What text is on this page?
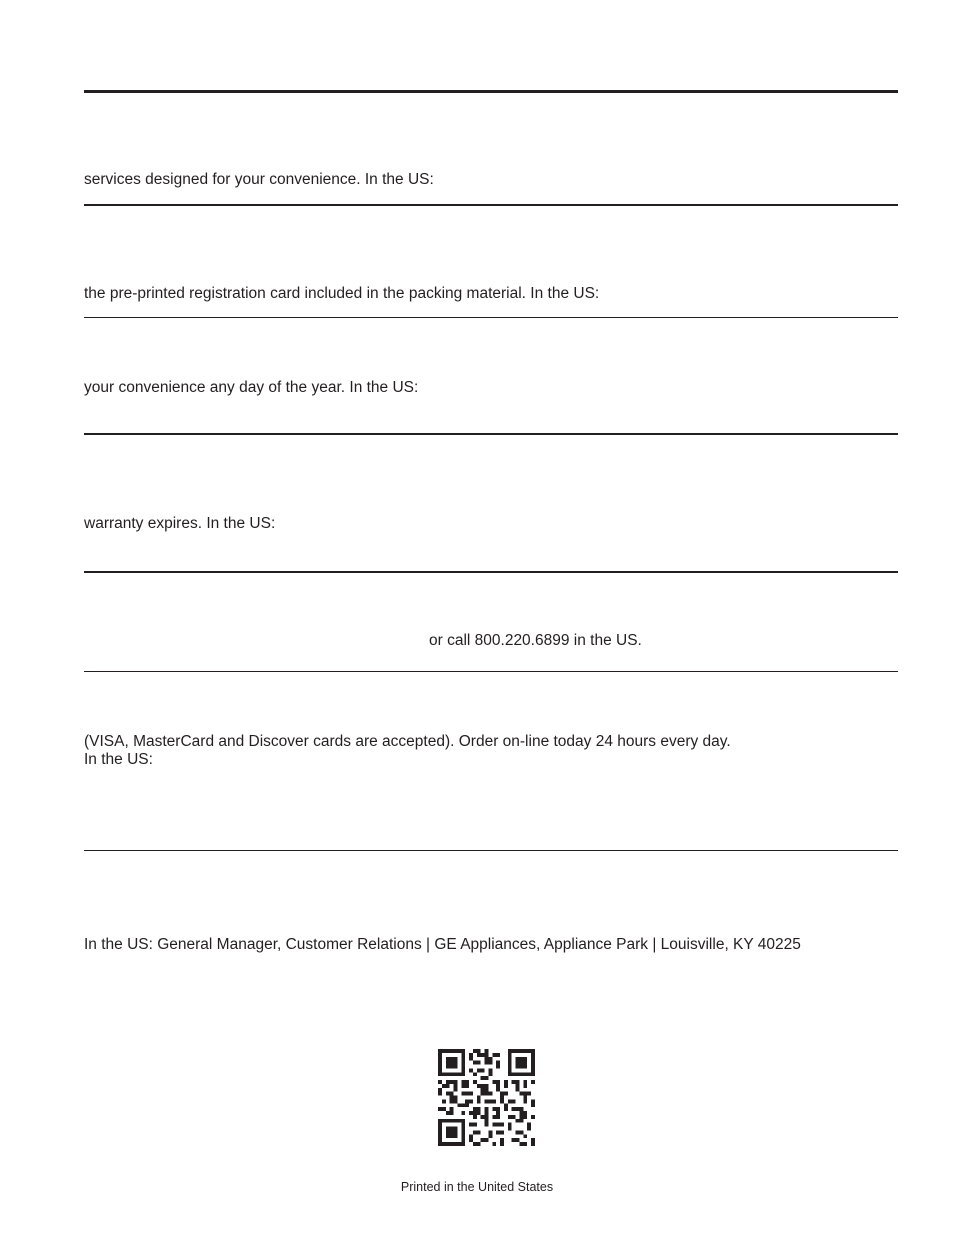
services designed for your convenience. In the US:
the pre-printed registration card included in the packing material. In the US:
your convenience any day of the year. In the US:
warranty expires. In the US:
or call 800.220.6899 in the US.
(VISA, MasterCard and Discover cards are accepted). Order on-line today 24 hours every day.
In the US:
In the US: General Manager, Customer Relations | GE Appliances, Appliance Park | Louisville, KY 40225
Printed in the United States
